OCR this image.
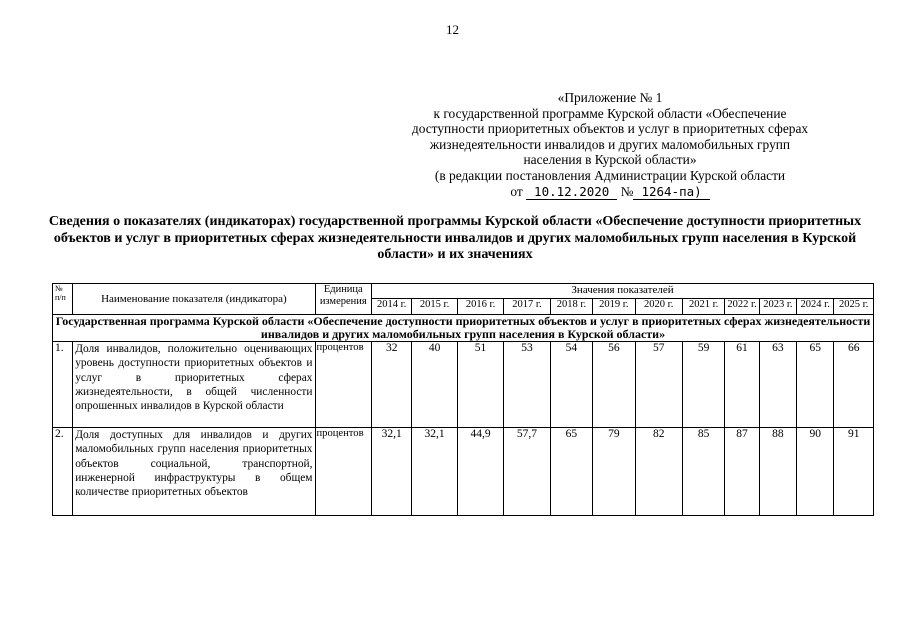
12
«Приложение № 1
к государственной программе Курской области «Обеспечение
доступности приоритетных объектов и услуг в приоритетных сферах
жизнедеятельности инвалидов и других маломобильных групп
населения в Курской области»
(в редакции постановления Администрации Курской области
от 10.12.2020 № 1264-па)
Сведения о показателях (индикаторах) государственной программы Курской области «Обеспечение доступности приоритетных объектов и услуг в приоритетных сферах жизнедеятельности инвалидов и других маломобильных групп населения в Курской области» и их значениях
№ п/п	Наименование показателя (индикатора)	Единица измерения	Значения показателей											
			2014 г.	2015 г.	2016 г.	2017 г.	2018 г.	2019 г.	2020 г.	2021 г.	2022 г.	2023 г.	2024 г.	2025 г.
Государственная программа Курской области «Обеспечение доступности приоритетных объектов и услуг в приоритетных сферах жизнедеятельности инвалидов и других маломобильных групп населения в Курской области»														
1.	Доля инвалидов, положительно оценивающих уровень доступности приоритетных объектов и услуг в приоритетных сферах жизнедеятельности, в общей численности опрошенных инвалидов в Курской области	процентов	32	40	51	53	54	56	57	59	61	63	65	66
2.	Доля доступных для инвалидов и других маломобильных групп населения приоритетных объектов социальной, транспортной, инженерной инфраструктуры в общем количестве приоритетных объектов	процентов	32,1	32,1	44,9	57,7	65	79	82	85	87	88	90	91
